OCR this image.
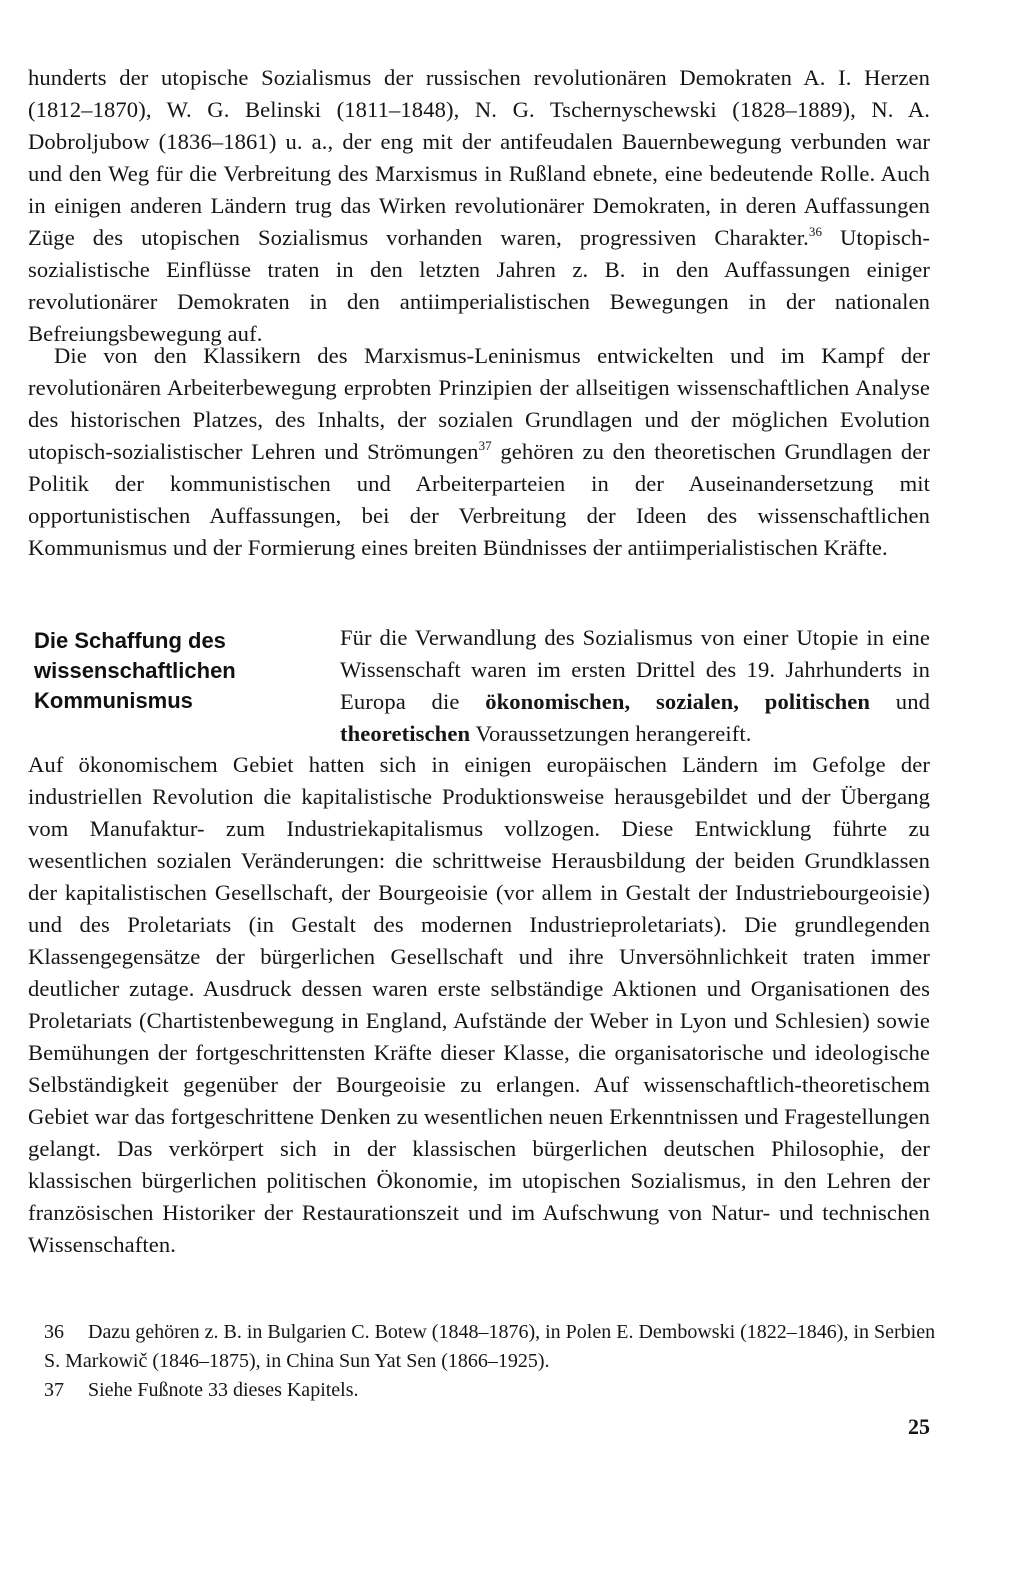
hunderts der utopische Sozialismus der russischen revolutionären Demokraten A. I. Herzen (1812–1870), W. G. Belinski (1811–1848), N. G. Tschernyschewski (1828–1889), N. A. Dobroljubow (1836–1861) u. a., der eng mit der antifeudalen Bauernbewegung verbunden war und den Weg für die Verbreitung des Marxismus in Rußland ebnete, eine bedeutende Rolle. Auch in einigen anderen Ländern trug das Wirken revolutionärer Demokraten, in deren Auffassungen Züge des utopischen Sozialismus vorhanden waren, progressiven Charakter.$^{36}$ Utopisch-sozialistische Einflüsse traten in den letzten Jahren z. B. in den Auffassungen einiger revolutionärer Demokraten in den antiimperialistischen Bewegungen in der nationalen Befreiungsbewegung auf.

Die von den Klassikern des Marxismus-Leninismus entwickelten und im Kampf der revolutionären Arbeiterbewegung erprobten Prinzipien der allseitigen wissenschaftlichen Analyse des historischen Platzes, des Inhalts, der sozialen Grundlagen und der möglichen Evolution utopisch-sozialistischer Lehren und Strömungen$^{37}$ gehören zu den theoretischen Grundlagen der Politik der kommunistischen und Arbeiterparteien in der Auseinandersetzung mit opportunistischen Auffassungen, bei der Verbreitung der Ideen des wissenschaftlichen Kommunismus und der Formierung eines breiten Bündnisses der antiimperialistischen Kräfte.

Die Schaffung des
wissenschaftlichen
Kommunismus

Für die Verwandlung des Sozialismus von einer Utopie in eine Wissenschaft waren im ersten Drittel des 19. Jahrhunderts in Europa die ökonomischen, sozialen, politischen und theoretischen Voraussetzungen herangereift.

Auf ökonomischem Gebiet hatten sich in einigen europäischen Ländern im Gefolge der industriellen Revolution die kapitalistische Produktionsweise herausgebildet und der Übergang vom Manufaktur- zum Industriekapitalismus vollzogen. Diese Entwicklung führte zu wesentlichen sozialen Veränderungen: die schrittweise Herausbildung der beiden Grundklassen der kapitalistischen Gesellschaft, der Bourgeoisie (vor allem in Gestalt der Industriebourgeoisie) und des Proletariats (in Gestalt des modernen Industrieproletariats). Die grundlegenden Klassengegensätze der bürgerlichen Gesellschaft und ihre Unversöhnlichkeit traten immer deutlicher zutage. Ausdruck dessen waren erste selbständige Aktionen und Organisationen des Proletariats (Chartistenbewegung in England, Aufstände der Weber in Lyon und Schlesien) sowie Bemühungen der fortgeschrittensten Kräfte dieser Klasse, die organisatorische und ideologische Selbständigkeit gegenüber der Bourgeoisie zu erlangen. Auf wissenschaftlich-theoretischem Gebiet war das fortgeschrittene Denken zu wesentlichen neuen Erkenntnissen und Fragestellungen gelangt. Das verkörpert sich in der klassischen bürgerlichen deutschen Philosophie, der klassischen bürgerlichen politischen Ökonomie, im utopischen Sozialismus, in den Lehren der französischen Historiker der Restaurationszeit und im Aufschwung von Natur- und technischen Wissenschaften.

36 Dazu gehören z. B. in Bulgarien C. Botew (1848–1876), in Polen E. Dembowski (1822–1846), in Serbien S. Markowič (1846–1875), in China Sun Yat Sen (1866–1925).
37 Siehe Fußnote 33 dieses Kapitels.
25
